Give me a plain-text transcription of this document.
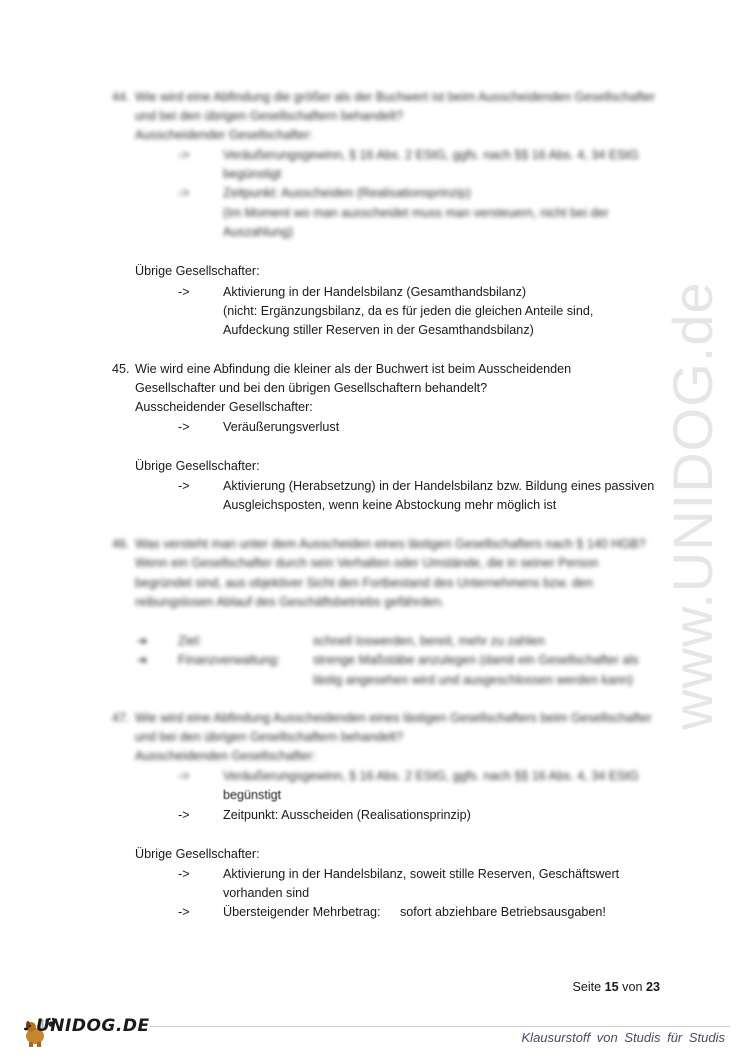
www.UNIDOG.de
44. Wie wird eine Abfindung die größer als der Buchwert ist beim Ausscheidenden Gesellschafter
und bei den übrigen Gesellschaftern behandelt?
Ausscheidender Gesellschafter:
->	Veräußerungsgewinn, § 16 Abs. 2 EStG, ggfs. nach §§ 16 Abs. 4, 34 EStG
begünstigt
->	Zeitpunkt: Ausscheiden (Realisationsprinzip)
(Im Moment wo man ausscheidet muss man versteuern, nicht bei der
Auszahlung)
Übrige Gesellschafter:
->	Aktivierung in der Handelsbilanz (Gesamthandsbilanz)
(nicht: Ergänzungsbilanz, da es für jeden die gleichen Anteile sind,
Aufdeckung stiller Reserven in der Gesamthandsbilanz)
45. Wie wird eine Abfindung die kleiner als der Buchwert ist beim Ausscheidenden
Gesellschafter und bei den übrigen Gesellschaftern behandelt?
Ausscheidender Gesellschafter:
->	Veräußerungsverlust
Übrige Gesellschafter:
->	Aktivierung (Herabsetzung) in der Handelsbilanz bzw. Bildung eines passiven
Ausgleichsposten, wenn keine Abstockung mehr möglich ist
46. Was versteht man unter dem Ausscheiden eines lästigen Gesellschafters nach § 140 HGB?
Wenn ein Gesellschafter durch sein Verhalten oder Umstände, die in seiner Person
begründet sind, aus objektiver Sicht den Fortbestand des Unternehmens bzw. den
reibungslosen Ablauf des Geschäftsbetriebs gefährden.
➔ Ziel:	schnell loswerden, bereit, mehr zu zahlen
➔ Finanzverwaltung:	strenge Maßstäbe anzulegen (damit ein Gesellschafter als
lästig angesehen wird und ausgeschlossen werden kann)
47. Wie wird eine Abfindung Ausscheidenden eines lästigen Gesellschafters beim Gesellschafter
und bei den übrigen Gesellschaftern behandelt?
Ausscheidenden Gesellschafter:
->	Veräußerungsgewinn, § 16 Abs. 2 EStG, ggfs. nach §§ 16 Abs. 4, 34 EStG
begünstigt
->	Zeitpunkt: Ausscheiden (Realisationsprinzip)
Übrige Gesellschafter:
->	Aktivierung in der Handelsbilanz, soweit stille Reserven, Geschäftswert
vorhanden sind
->	Übersteigender Mehrbetrag: sofort abziehbare Betriebsausgaben!
Seite 15 von 23
UNIDOG.DE
Klausurstoff von Studis für Studis
